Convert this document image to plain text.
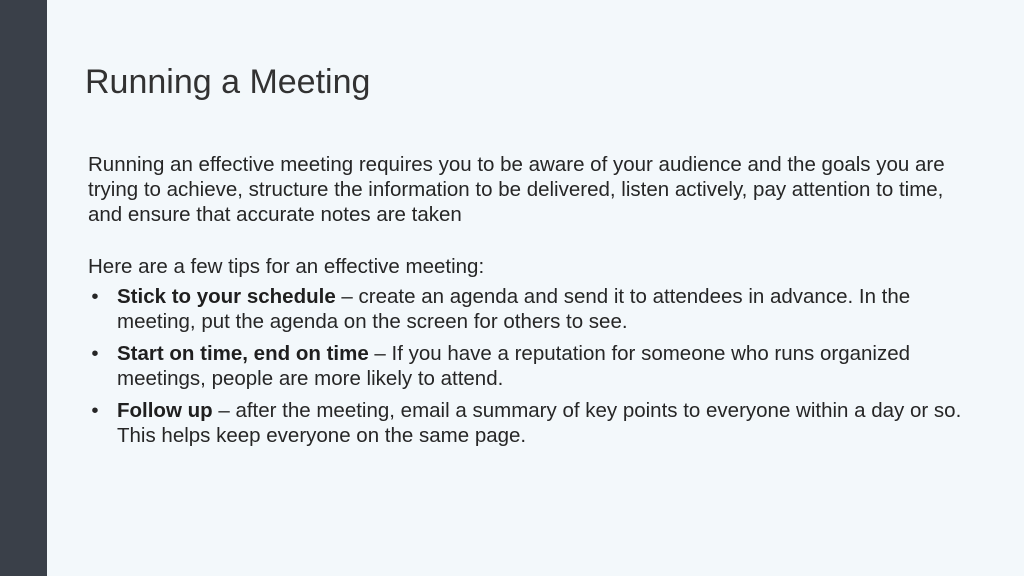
Running a Meeting

Running an effective meeting requires you to be aware of your audience and the goals you are trying to achieve, structure the information to be delivered, listen actively, pay attention to time, and ensure that accurate notes are taken

Here are a few tips for an effective meeting:

• Stick to your schedule – create an agenda and send it to attendees in advance. In the meeting, put the agenda on the screen for others to see.
• Start on time, end on time – If you have a reputation for someone who runs organized meetings, people are more likely to attend.
• Follow up – after the meeting, email a summary of key points to everyone within a day or so. This helps keep everyone on the same page.
